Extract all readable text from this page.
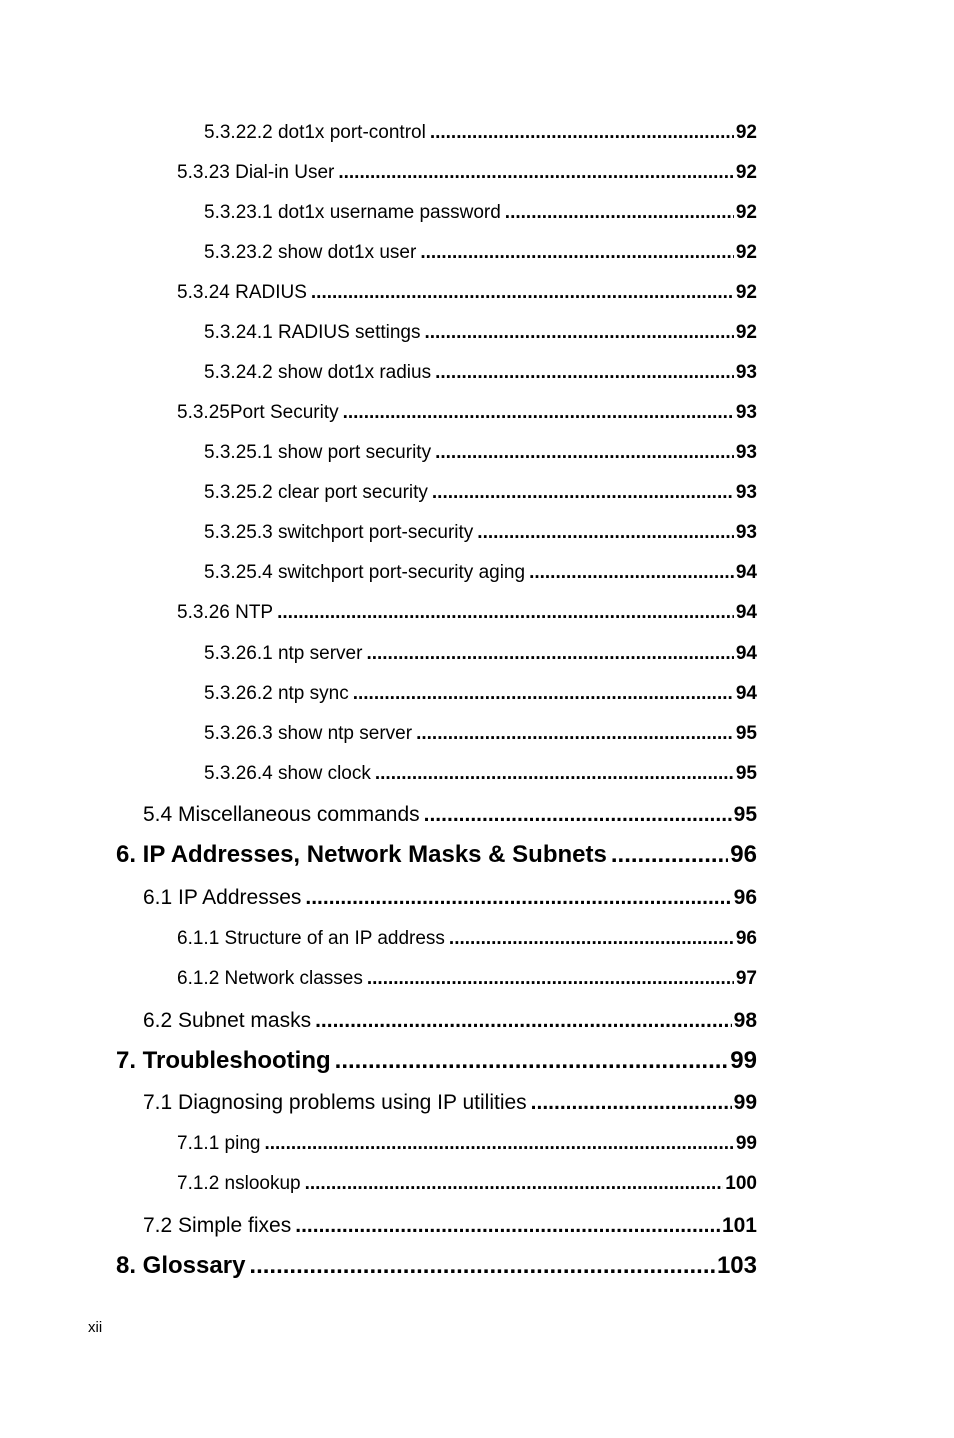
5.3.22.2 dot1x port-control .....	92
5.3.23 Dial-in User .....	92
5.3.23.1 dot1x username password .....	92
5.3.23.2 show dot1x user .....	92
5.3.24 RADIUS .....	92
5.3.24.1 RADIUS settings .....	92
5.3.24.2 show dot1x radius .....	93
5.3.25Port Security .....	93
5.3.25.1 show port security .....	93
5.3.25.2 clear port security .....	93
5.3.25.3 switchport port-security .....	93
5.3.25.4 switchport port-security aging .....	94
5.3.26 NTP .....	94
5.3.26.1 ntp server .....	94
5.3.26.2 ntp sync .....	94
5.3.26.3 show ntp server .....	95
5.3.26.4 show clock .....	95
5.4 Miscellaneous commands .....	95
6. IP Addresses, Network Masks & Subnets .....	96
6.1 IP Addresses .....	96
6.1.1 Structure of an IP address .....	96
6.1.2 Network classes .....	97
6.2 Subnet masks .....	98
7. Troubleshooting .....	99
7.1 Diagnosing problems using IP utilities .....	99
7.1.1 ping .....	99
7.1.2 nslookup .....	100
7.2 Simple fixes .....	101
8. Glossary .....	103
xii
